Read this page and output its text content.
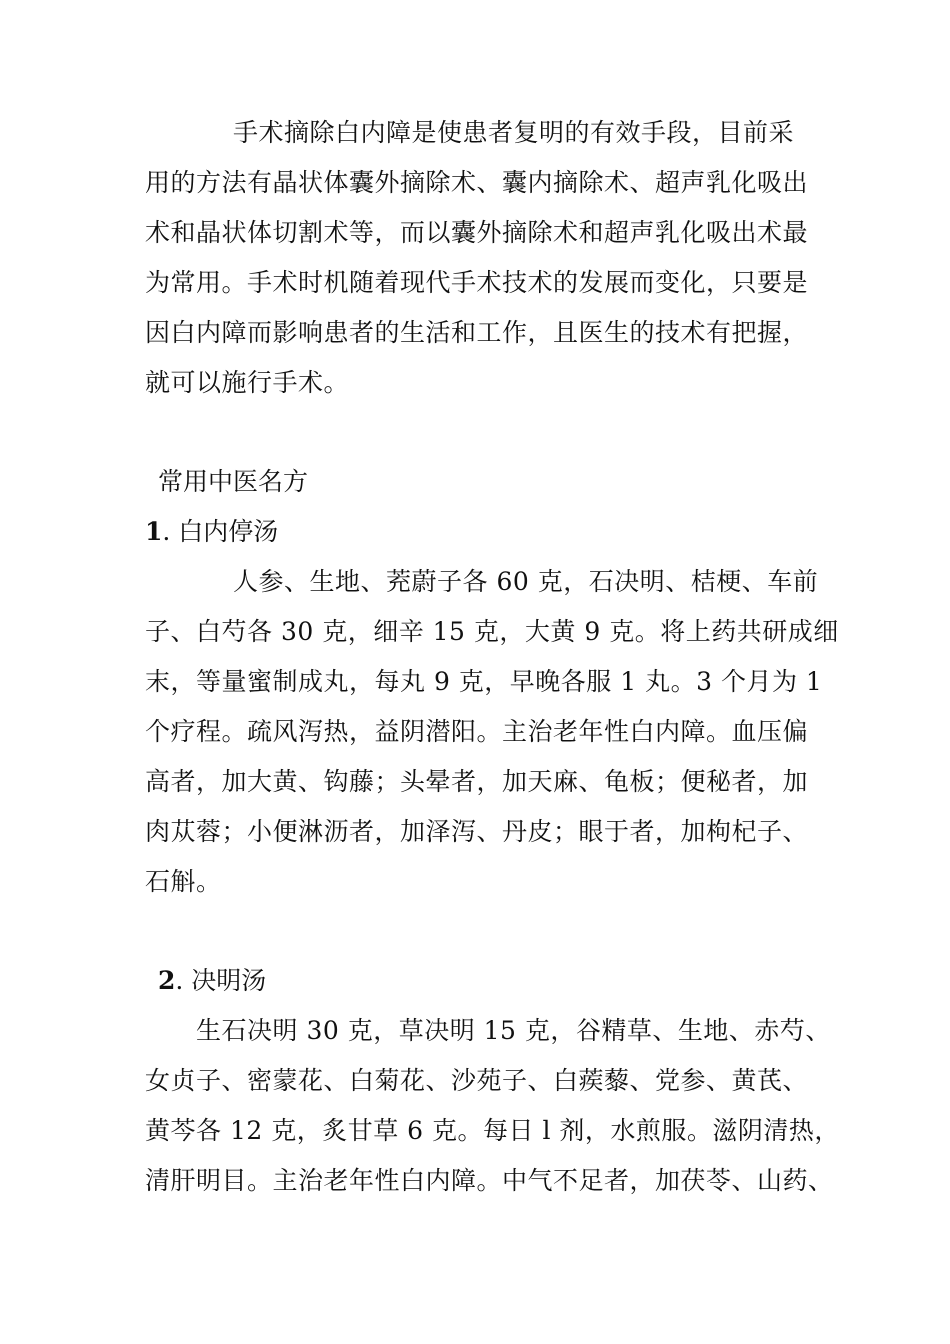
手术摘除白内障是使患者复明的有效手段，目前采
用的方法有晶状体囊外摘除术、囊内摘除术、超声乳化吸出
术和晶状体切割术等，而以囊外摘除术和超声乳化吸出术最
为常用。手术时机随着现代手术技术的发展而变化，只要是
因白内障而影响患者的生活和工作，且医生的技术有把握，
就可以施行手术。
常用中医名方
1. 白内停汤
人参、生地、茺蔚子各 60 克，石决明、桔梗、车前
子、白芍各 30 克，细辛 15 克，大黄 9 克。将上药共研成细
末，等量蜜制成丸，每丸 9 克，早晚各服 1 丸。3 个月为 1
个疗程。疏风泻热，益阴潜阳。主治老年性白内障。血压偏
高者，加大黄、钩藤；头晕者，加天麻、龟板；便秘者，加
肉苁蓉；小便淋沥者，加泽泻、丹皮；眼于者，加枸杞子、
石斛。
2. 决明汤
生石决明 30 克，草决明 15 克，谷精草、生地、赤芍、
女贞子、密蒙花、白菊花、沙苑子、白蒺藜、党参、黄芪、
黄芩各 12 克，炙甘草 6 克。每日 l 剂，水煎服。滋阴清热，
清肝明目。主治老年性白内障。中气不足者，加茯苓、山药、
